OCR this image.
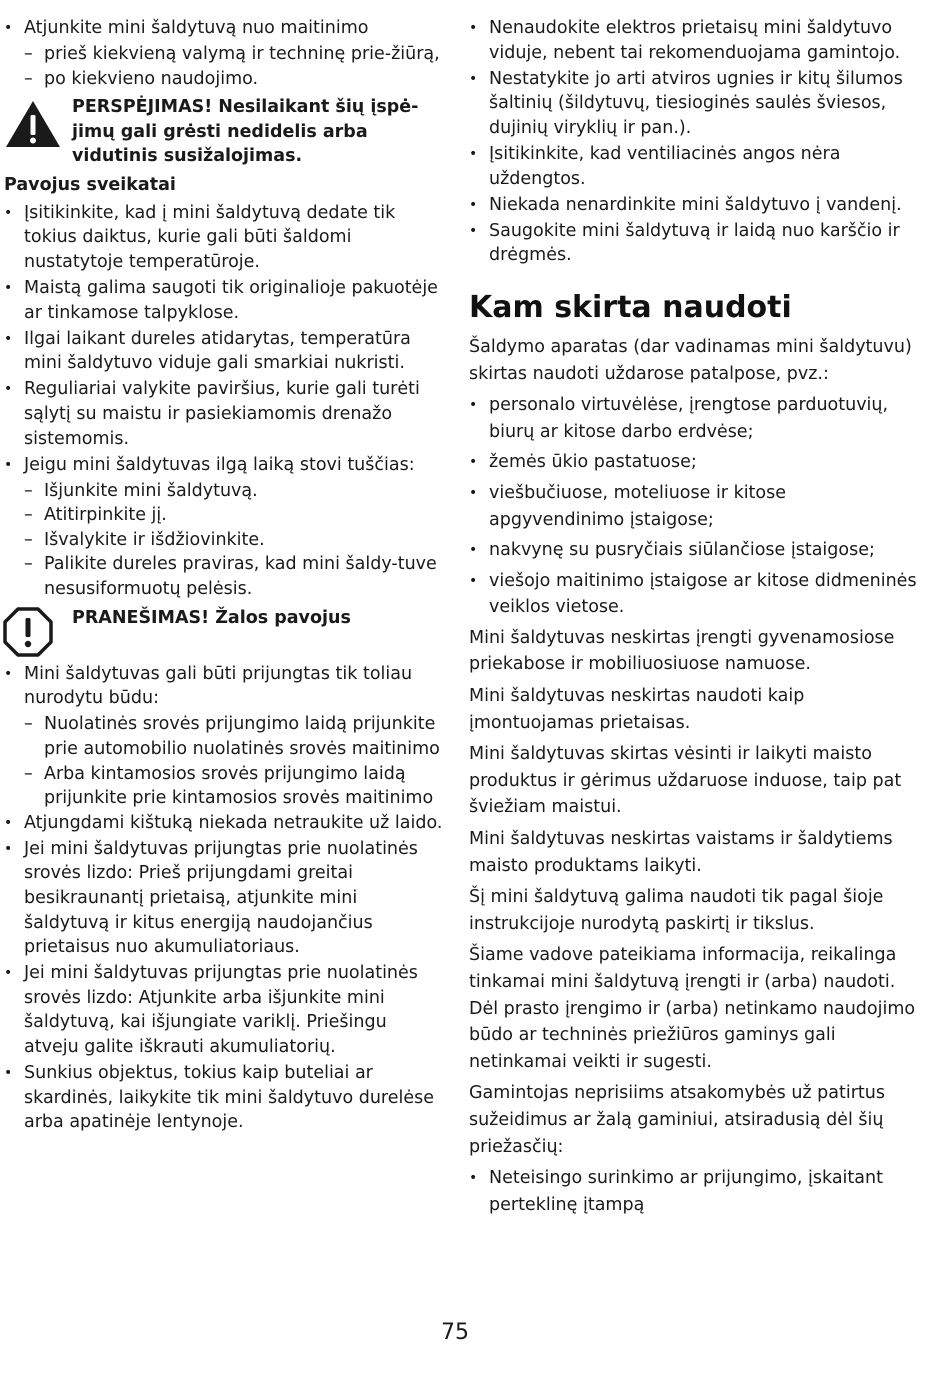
• Atjunkite mini šaldytuvą nuo maitinimo
– prieš kiekvieną valymą ir techninę prie-žiūrą,
– po kiekvieno naudojimo.
PERSPĖJIMAS! Nesilaikant šių įspė-jimų gali grėsti nedidelis arba vidutinis susižalojimas.
Pavojus sveikatai
• Įsitikinkite, kad į mini šaldytuvą dedate tik tokius daiktus, kurie gali būti šaldomi nustatytoje temperatūroje.
• Maistą galima saugoti tik originalioje pakuotėje ar tinkamose talpyklose.
• Ilgai laikant dureles atidarytas, temperatūra mini šaldytuvo viduje gali smarkiai nukristi.
• Reguliariai valykite paviršius, kurie gali turėti sąlytį su maistu ir pasiekiamomis drenažo sistemomis.
• Jeigu mini šaldytuvas ilgą laiką stovi tuščias:
– Išjunkite mini šaldytuvą.
– Atitirpinkite jį.
– Išvalykite ir išdžiovinkite.
– Palikite dureles praviras, kad mini šaldy-tuve nesusiformuotų pelėsis.
PRANEŠIMAS! Žalos pavojus
• Mini šaldytuvas gali būti prijungtas tik toliau nurodytu būdu:
– Nuolatinės srovės prijungimo laidą prijunkite prie automobilio nuolatinės srovės maitinimo
– Arba kintamosios srovės prijungimo laidą prijunkite prie kintamosios srovės maitinimo
• Atjungdami kištuką niekada netraukite už laido.
• Jei mini šaldytuvas prijungtas prie nuolatinės srovės lizdo: Prieš prijungdami greitai besikraunantį prietaisą, atjunkite mini šaldytuvą ir kitus energiją naudojančius prietaisus nuo akumuliatoriaus.
• Jei mini šaldytuvas prijungtas prie nuolatinės srovės lizdo: Atjunkite arba išjunkite mini šaldytuvą, kai išjungiate variklį. Priešingu atveju galite iškrauti akumuliatorių.
• Sunkius objektus, tokius kaip buteliai ar skardinės, laikykite tik mini šaldytuvo durelėse arba apatinėje lentynoje.
• Nenaudokite elektros prietaisų mini šaldytuvo viduje, nebent tai rekomenduojama gamintojo.
• Nestatykite jo arti atviros ugnies ir kitų šilumos šaltinių (šildytuvų, tiesioginės saulės šviesos, dujinių viryklių ir pan.).
• Įsitikinkite, kad ventiliacinės angos nėra uždengtos.
• Niekada nenardinkite mini šaldytuvo į vandenį.
• Saugokite mini šaldytuvą ir laidą nuo karščio ir drėgmės.
Kam skirta naudoti
Šaldymo aparatas (dar vadinamas mini šaldytuvu) skirtas naudoti uždarose patalpose, pvz.:
• personalo virtuvėlėse, įrengtose parduotuvių, biurų ar kitose darbo erdvėse;
• žemės ūkio pastatuose;
• viešbučiuose, moteliuose ir kitose apgyvendinimo įstaigose;
• nakvynę su pusryčiais siūlančiose įstaigose;
• viešojo maitinimo įstaigose ar kitose didmeninės veiklos vietose.
Mini šaldytuvas neskirtas įrengti gyvenamosiose priekabose ir mobiliuosiuose namuose.
Mini šaldytuvas neskirtas naudoti kaip įmontuojamas prietaisas.
Mini šaldytuvas skirtas vėsinti ir laikyti maisto produktus ir gėrimus uždaruose induose, taip pat šviežiam maistui.
Mini šaldytuvas neskirtas vaistams ir šaldytiems maisto produktams laikyti.
Šį mini šaldytuvą galima naudoti tik pagal šioje instrukcijoje nurodytą paskirtį ir tikslus.
Šiame vadove pateikiama informacija, reikalinga tinkamai mini šaldytuvą įrengti ir (arba) naudoti. Dėl prasto įrengimo ir (arba) netinkamo naudojimo būdo ar techninės priežiūros gaminys gali netinkamai veikti ir sugesti.
Gamintojas neprisiims atsakomybės už patirtus sužeidimus ar žalą gaminiui, atsiradusią dėl šių priežasčių:
• Neteisingo surinkimo ar prijungimo, įskaitant perteklinę įtampą
75
